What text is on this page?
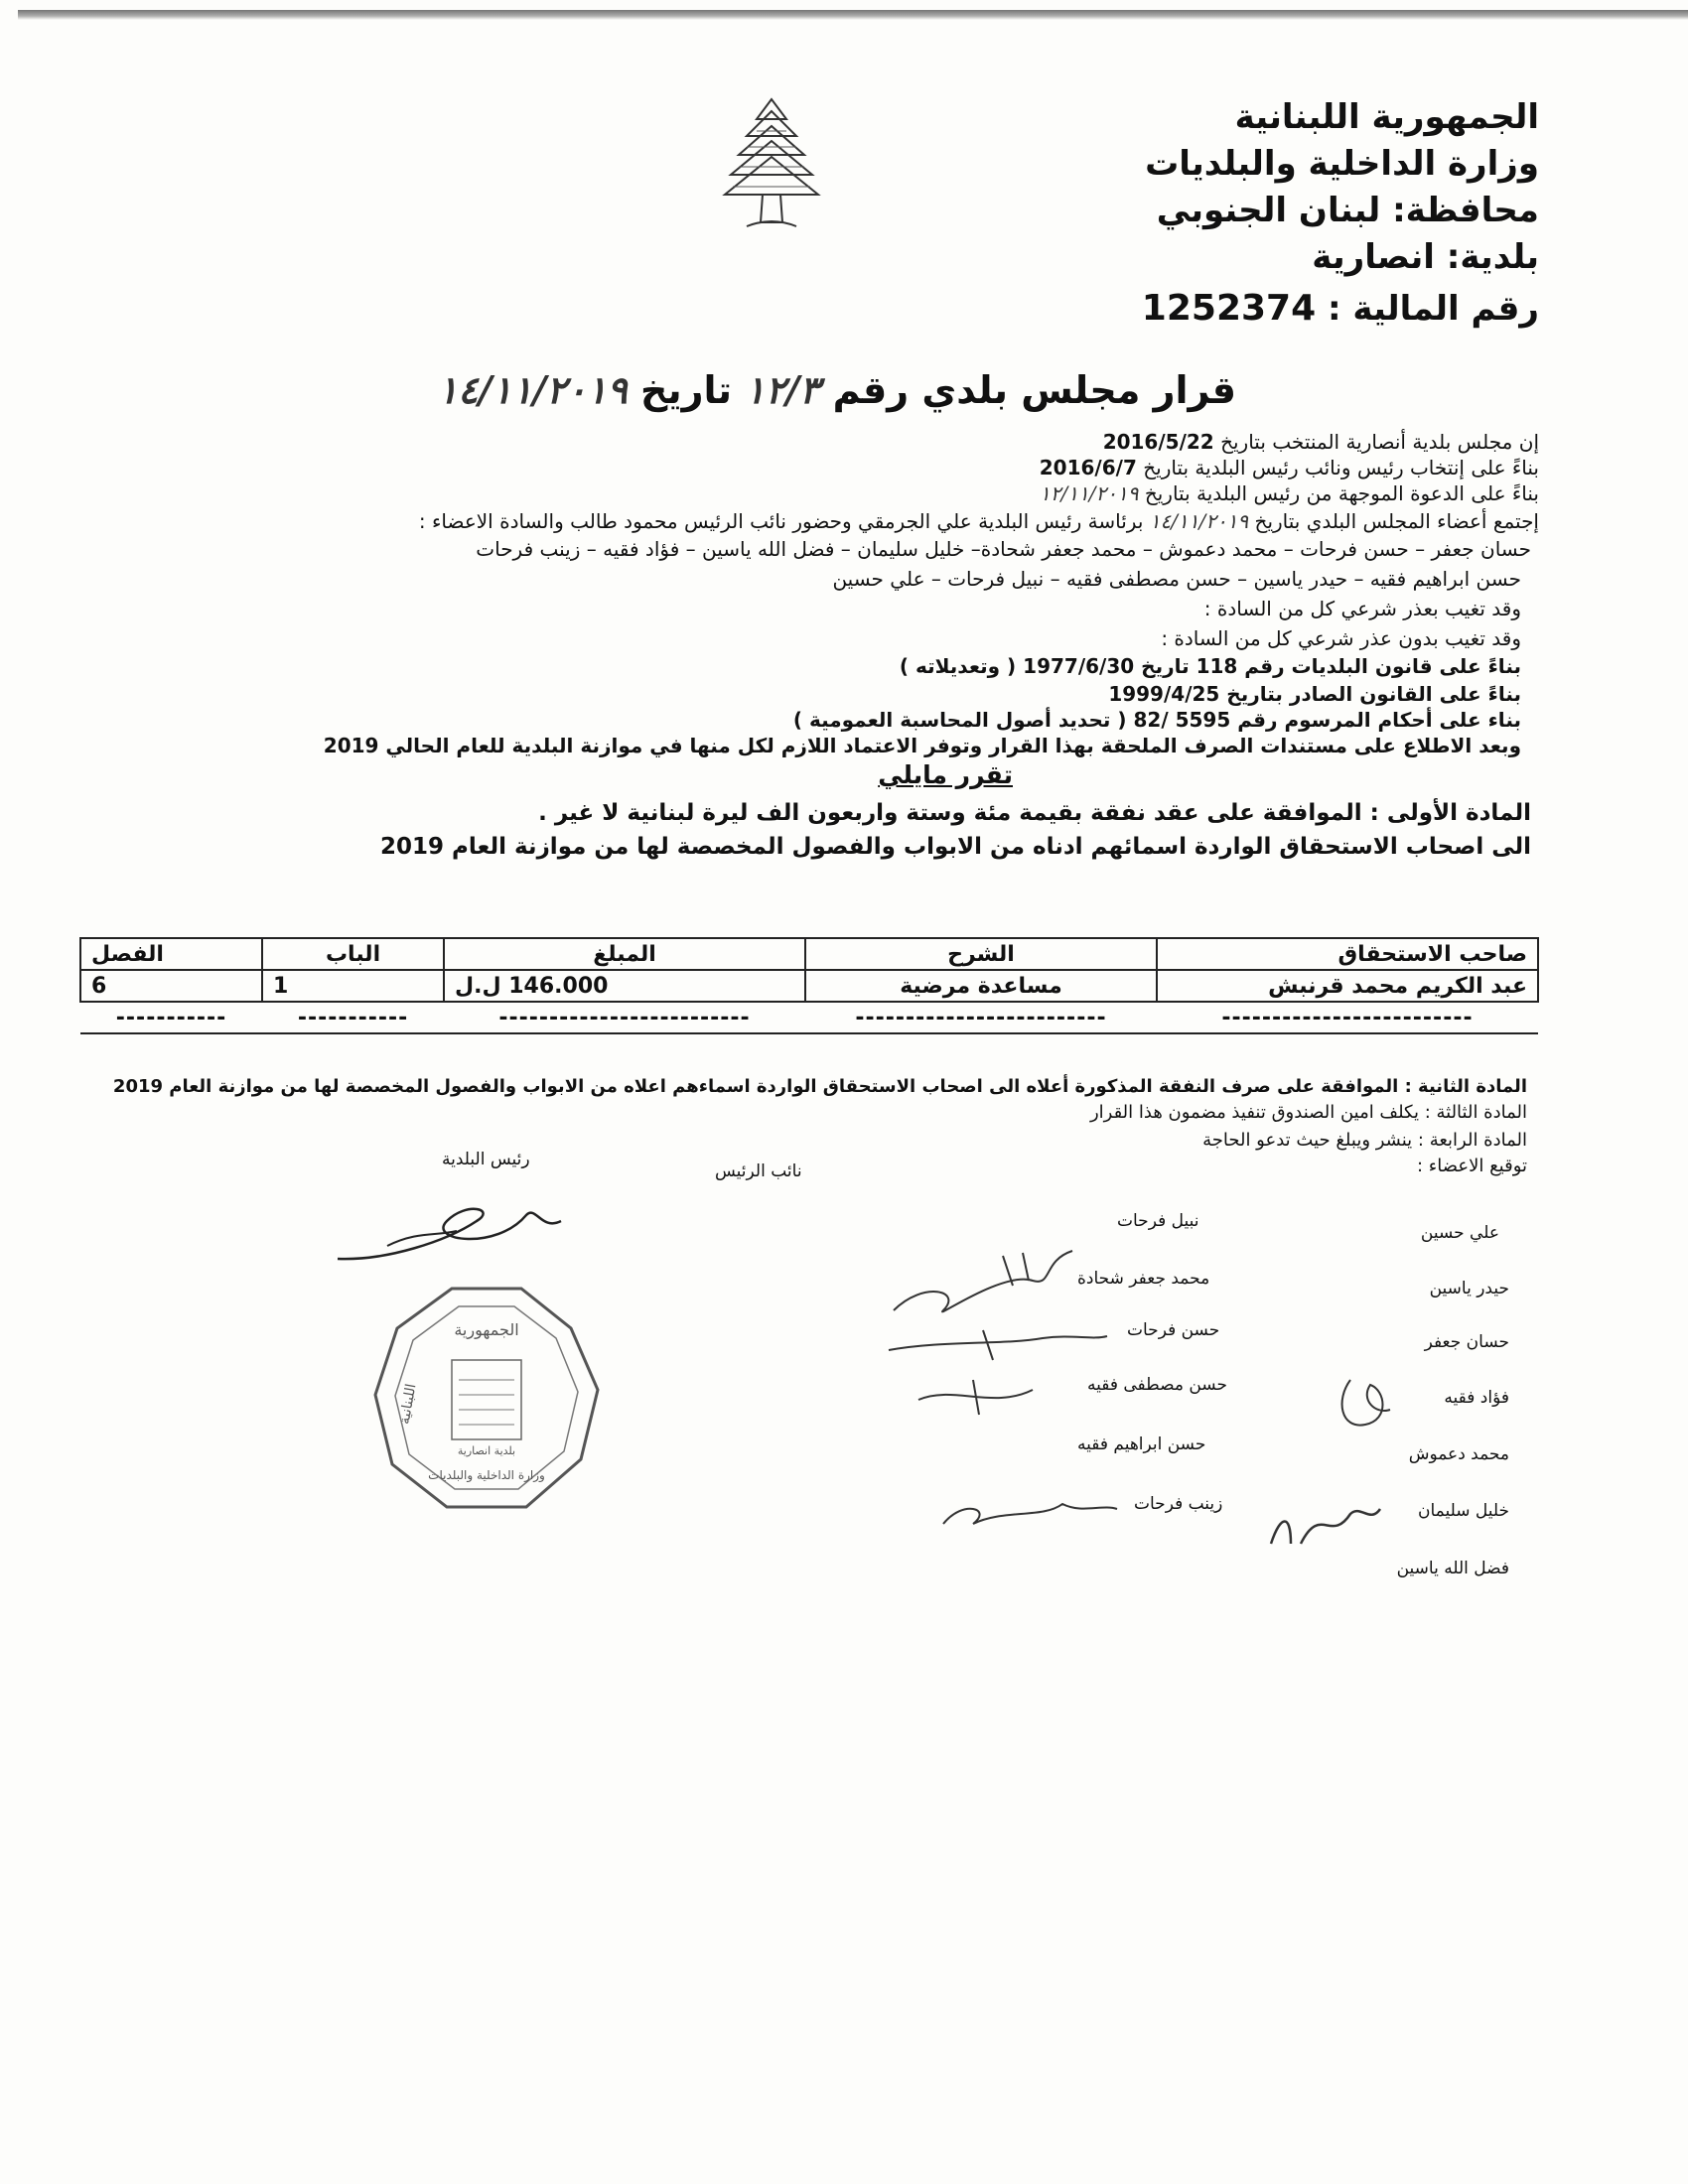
الجمهورية اللبنانية
وزارة الداخلية والبلديات
محافظة: لبنان الجنوبي
بلدية: انصارية
رقم المالية : 1252374
قرار مجلس بلدي رقم ١٢/٣ تاريخ ١٤/١١/٢٠١٩
إن مجلس بلدية أنصارية المنتخب بتاريخ 2016/5/22
بناءً على إنتخاب رئيس ونائب رئيس البلدية بتاريخ 2016/6/7
بناءً على الدعوة الموجهة من رئيس البلدية بتاريخ ١٢/١١/٢٠١٩
إجتمع أعضاء المجلس البلدي بتاريخ ١٤/١١/٢٠١٩ برئاسة رئيس البلدية علي الجرمقي وحضور نائب الرئيس محمود طالب والسادة الاعضاء :
حسان جعفر – حسن فرحات – محمد دعموش – محمد جعفر شحادة– خليل سليمان – فضل الله ياسين – فؤاد فقيه – زينب فرحات
حسن ابراهيم فقيه – حيدر ياسين – حسن مصطفى فقيه – نبيل فرحات – علي حسين
وقد تغيب بعذر شرعي كل من السادة :
وقد تغيب بدون عذر شرعي كل من السادة :
بناءً على قانون البلديات رقم 118 تاريخ 1977/6/30 ( وتعديلاته )
بناءً على القانون الصادر بتاريخ 1999/4/25
بناء على أحكام المرسوم رقم 5595 /82 ( تحديد أصول المحاسبة العمومية )
وبعد الاطلاع على مستندات الصرف الملحقة بهذا القرار وتوفر الاعتماد اللازم لكل منها في موازنة البلدية للعام الحالي 2019
تقرر مايلي
المادة الأولى : الموافقة على عقد نفقة بقيمة مئة وستة واربعون الف ليرة لبنانية لا غير .
الى اصحاب الاستحقاق الواردة اسمائهم ادناه من الابواب والفصول المخصصة لها من موازنة العام 2019
صاحب الاستحقاق	الشرح	المبلغ	الباب	الفصل
عبد الكريم محمد قرنبش	مساعدة مرضية	146.000 ل.ل	1	6
-------------------------	-------------------------	-------------------------	-----------	-----------
المادة الثانية : الموافقة على صرف النفقة المذكورة أعلاه الى اصحاب الاستحقاق الواردة اسماءهم اعلاه من الابواب والفصول المخصصة لها من موازنة العام 2019
المادة الثالثة : يكلف امين الصندوق تنفيذ مضمون هذا القرار
المادة الرابعة : ينشر ويبلغ حيث تدعو الحاجة
توقيع الاعضاء :
رئيس البلدية
نائب الرئيس
علي حسين
حيدر ياسين
حسان جعفر
فؤاد فقيه
محمد دعموش
خليل سليمان
فضل الله ياسين
نبيل فرحات
محمد جعفر شحادة
حسن فرحات
حسن مصطفى فقيه
حسن ابراهيم فقيه
زينب فرحات
الجمهورية
وزارة الداخلية والبلديات
اللبنانية
بلدية انصارية
